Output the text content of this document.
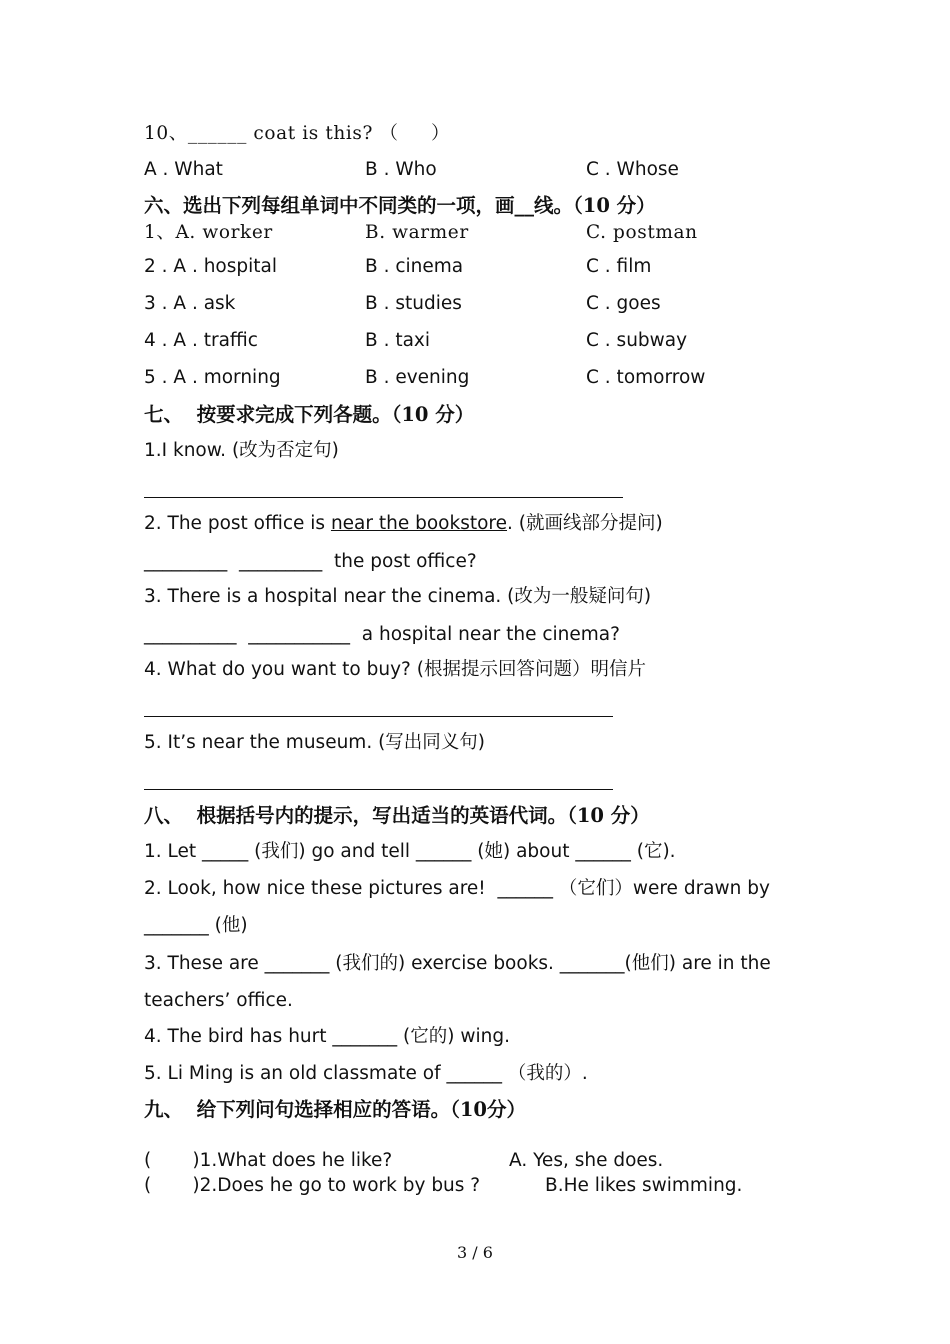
10、______ coat is this? （     ）
A . What	B . Who	C . Whose
六、选出下列每组单词中不同类的一项，画__线。（10 分）
1、A. worker	B. warmer	C. postman
2 . A . hospital	B . cinema	C . film
3 . A . ask	B . studies	C . goes
4 . A . traffic	B . taxi	C . subway
5 . A . morning	B . evening	C . tomorrow
七、  按要求完成下列各题。（10 分）
1.I know. (改为否定句)
2. The post office is near the bookstore. (就画线部分提问)
_________  _________  the post office?
3. There is a hospital near the cinema. (改为一般疑问句)
__________  ___________  a hospital near the cinema?
4. What do you want to buy? (根据提示回答问题）明信片
5. It’s near the museum. (写出同义句)
八、  根据括号内的提示，写出适当的英语代词。（10 分）
1. Let _____ (我们) go and tell ______ (她) about ______ (它).
2. Look, how nice these pictures are!  ______ （它们）were drawn by
_______ (他)
3. These are _______ (我们的) exercise books. _______(他们) are in the
teachers’ office.
4. The bird has hurt _______ (它的) wing.
5. Li Ming is an old classmate of ______ （我的）.
九、  给下列问句选择相应的答语。（10分）
(       )1.What does he like?	A. Yes, she does.
(       )2.Does he go to work by bus ?	B.He likes swimming.
3 / 6
